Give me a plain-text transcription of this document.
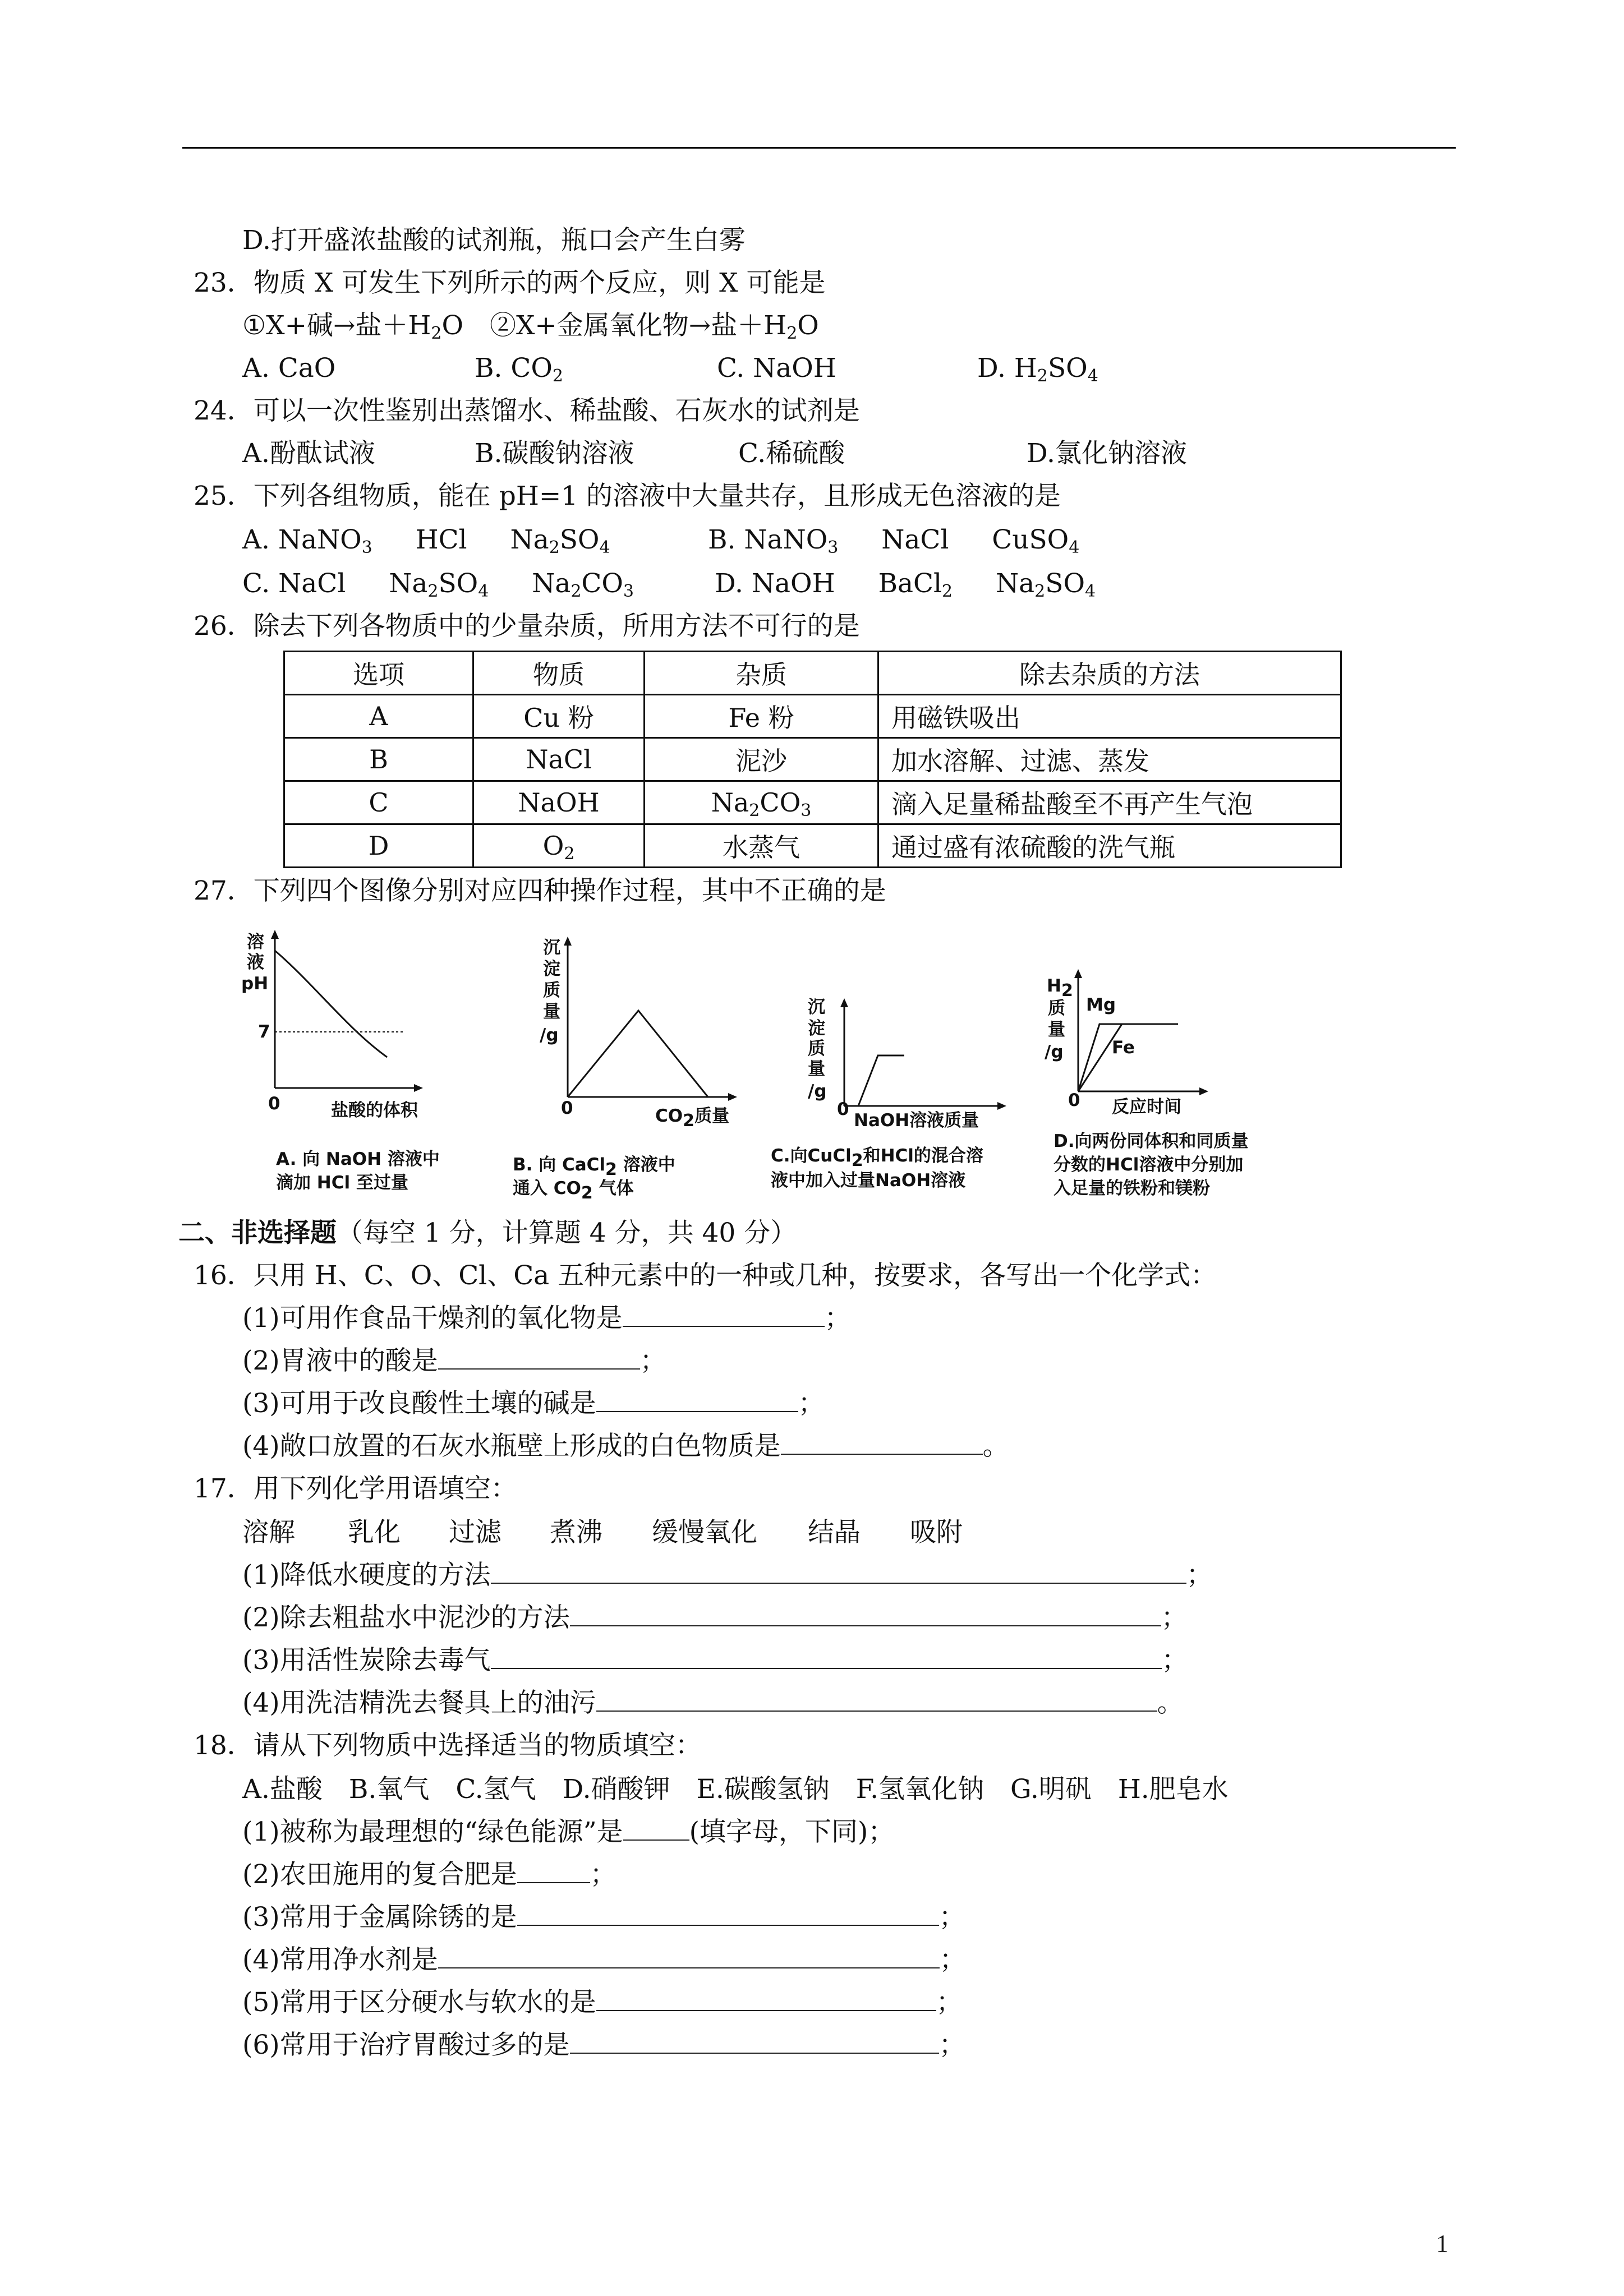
D.打开盛浓盐酸的试剂瓶，瓶口会产生白雾
23．物质 X 可发生下列所示的两个反应，则 X 可能是
①X+碱→盐$+H_2O$　②X+金属氧化物→盐$+H_2O$
A. CaO	B. $CO_2$	C. NaOH	D. $H_2SO_4$
24．可以一次性鉴别出蒸馏水、稀盐酸、石灰水的试剂是
A.酚酞试液	B.碳酸钠溶液	C.稀硫酸	D.氯化钠溶液
25．下列各组物质，能在 pH=1 的溶液中大量共存，且形成无色溶液的是
A. NaNO$_3$　 HCl　 $Na_2SO_4$	B. NaNO$_3$　 NaCl　 CuSO$_4$
C. NaCl　 $Na_2SO_4$　 $Na_2CO_3$	D. NaOH　 BaCl$_2$　 $Na_2SO_4$
26．除去下列各物质中的少量杂质，所用方法不可行的是
选项	物质	杂质	除去杂质的方法
A	Cu 粉	Fe 粉	用磁铁吸出
B	NaCl	泥沙	加水溶解、过滤、蒸发
C	NaOH	$Na_2CO_3$	滴入足量稀盐酸至不再产生气泡
D	$O_2$	水蒸气	通过盛有浓硫酸的洗气瓶
27．下列四个图像分别对应四种操作过程，其中不正确的是
溶
液
pH
7
0	盐酸的体积
A. 向 NaOH 溶液中
滴加 HCl 至过量
沉
淀
质
量
/g
0	$CO_2$质量
B. 向 CaCl$_2$ 溶液中
通入 $CO_2$ 气体
沉
淀
质
量
/g
0
NaOH溶液质量
C.向CuCl$_2$和HCl的混合溶
液中加入过量NaOH溶液
$H_2$
质
量
/g
Mg
Fe
0 反应时间
D.向两份同体积和同质量
分数的HCl溶液中分别加
入足量的铁粉和镁粉
二、非选择题（每空 1 分，计算题 4 分，共 40 分）
16．只用 H、C、O、Cl、Ca 五种元素中的一种或几种，按要求，各写出一个化学式：
(1)可用作食品干燥剂的氧化物是	；
(2)胃液中的酸是	；
(3)可用于改良酸性土壤的碱是	；
(4)敞口放置的石灰水瓶壁上形成的白色物质是	。
17．用下列化学用语填空：
溶解 乳化 过滤 煮沸 缓慢氧化 结晶 吸附
(1)降低水硬度的方法	；
(2)除去粗盐水中泥沙的方法	；
(3)用活性炭除去毒气	；
(4)用洗洁精洗去餐具上的油污	。
18．请从下列物质中选择适当的物质填空：
A.盐酸　B.氧气　C.氢气　D.硝酸钾　E.碳酸氢钠　F.氢氧化钠　G.明矾　H.肥皂水
(1)被称为最理想的“绿色能源”是	(填字母，下同)；
(2)农田施用的复合肥是	；
(3)常用于金属除锈的是	；
(4)常用净水剂是	；
(5)常用于区分硬水与软水的是	；
(6)常用于治疗胃酸过多的是	；
1
